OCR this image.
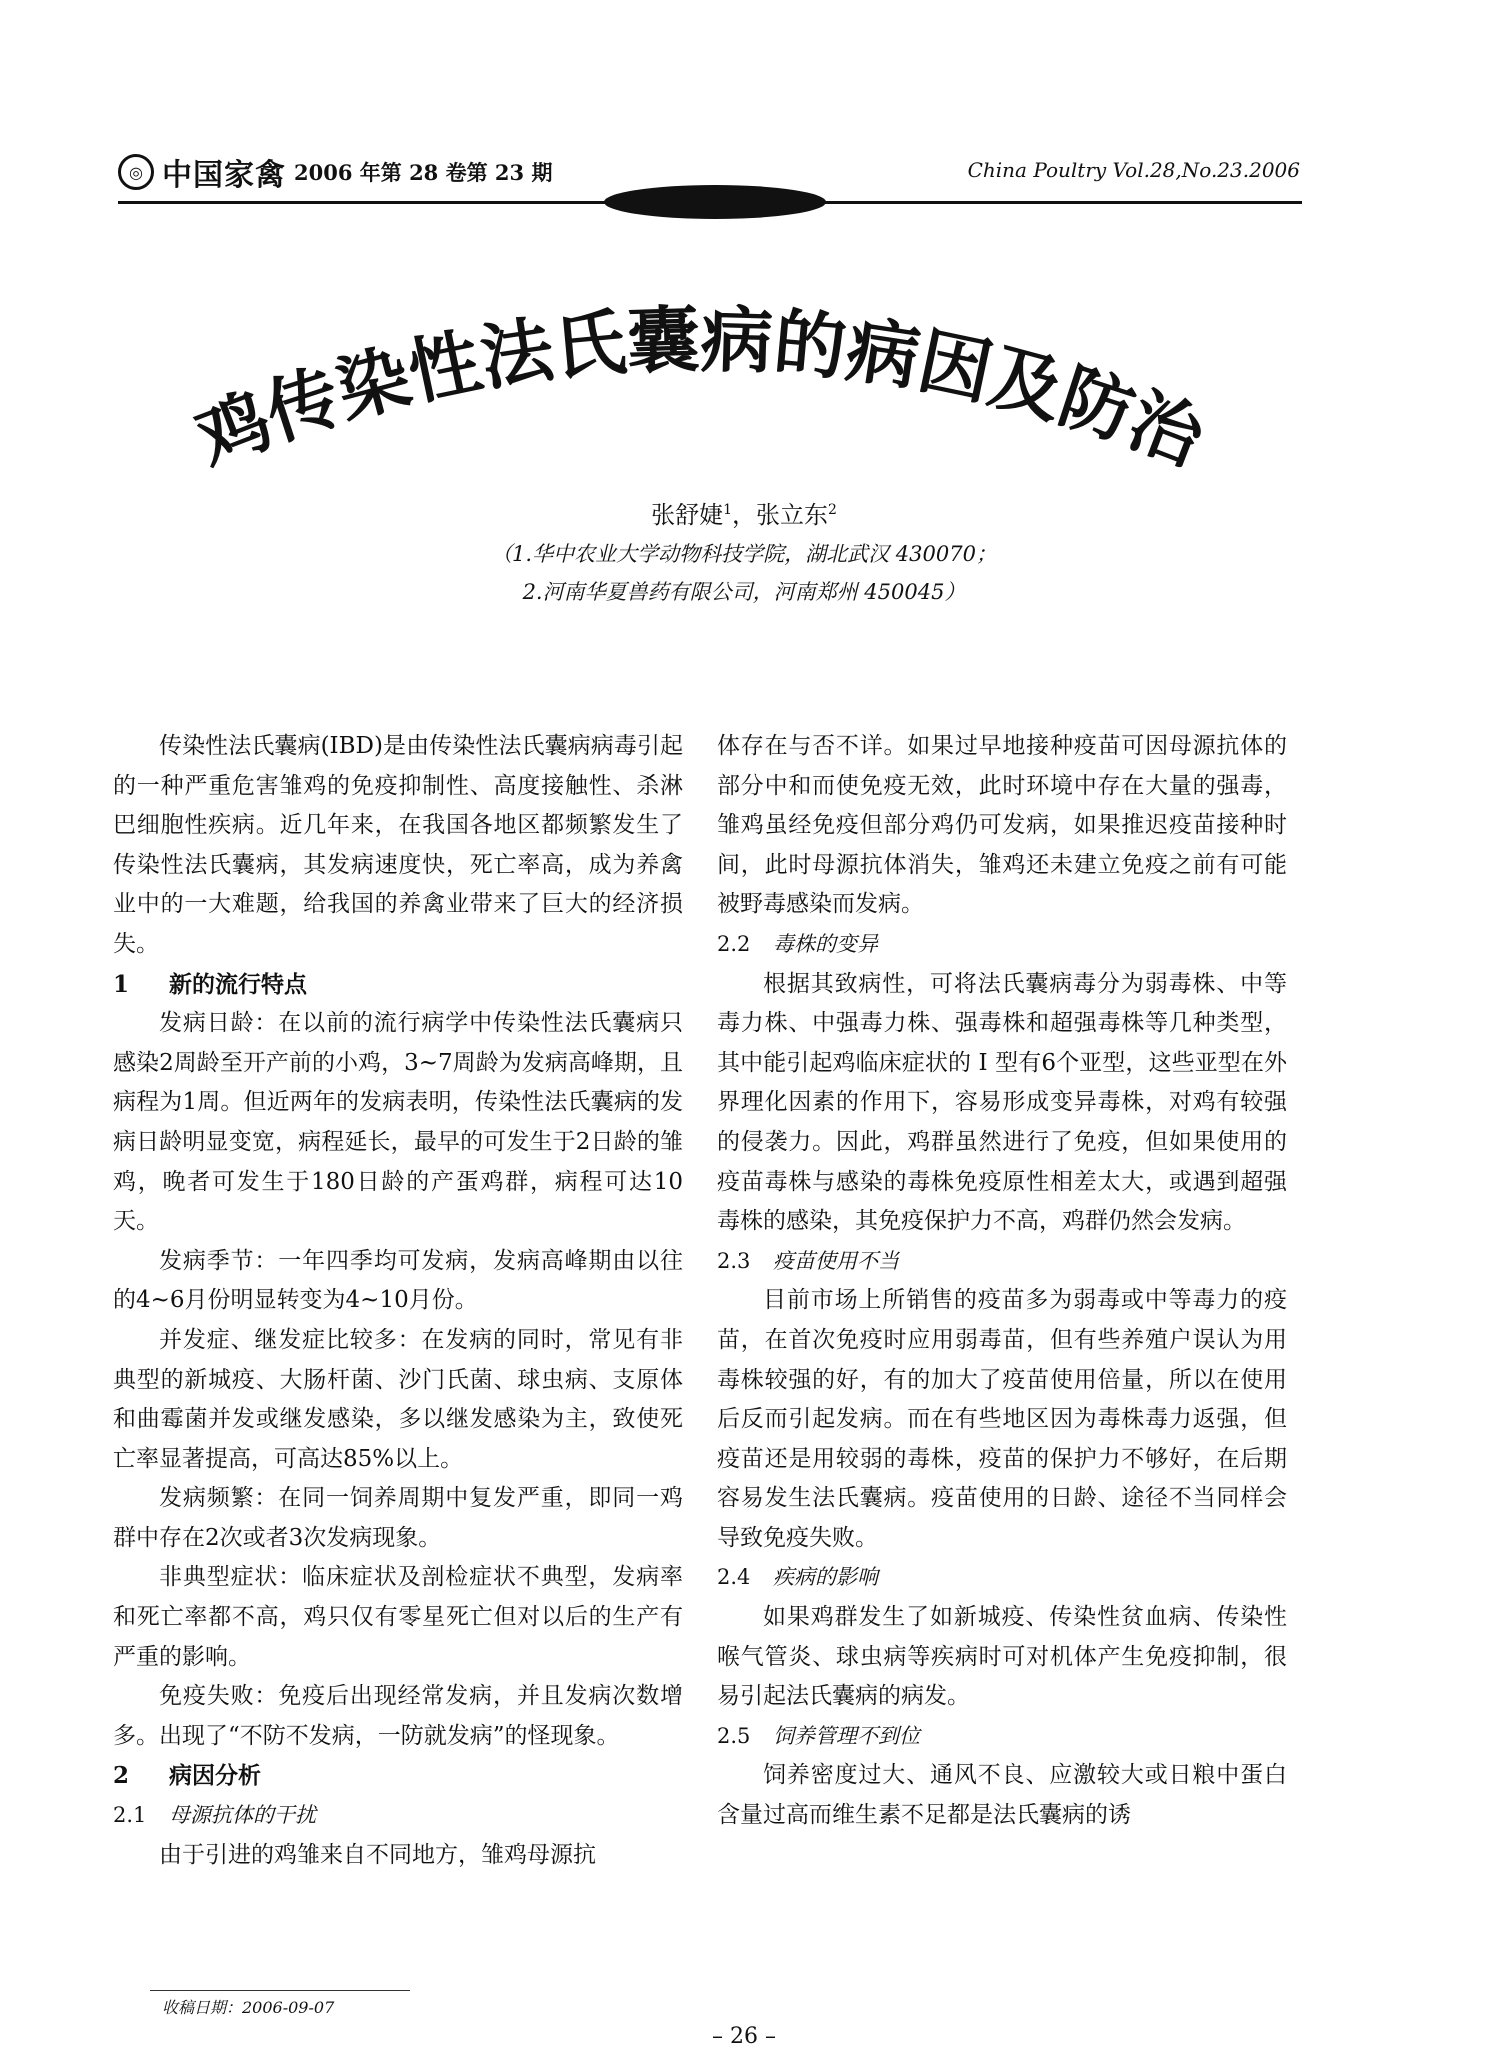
◎ 中国家禽 2006 年第 28 卷第 23 期	China Poultry Vol.28,No.23.2006
鸡传染性法氏囊病的病因及防治
张舒婕$^1$，张立东$^2$
（1.华中农业大学动物科技学院，湖北武汉 430070；
2.河南华夏兽药有限公司，河南郑州 450045）

传染性法氏囊病(IBD)是由传染性法氏囊病病毒引起的一种严重危害雏鸡的免疫抑制性、高度接触性、杀淋巴细胞性疾病。近几年来，在我国各地区都频繁发生了传染性法氏囊病，其发病速度快，死亡率高，成为养禽业中的一大难题，给我国的养禽业带来了巨大的经济损失。

1 新的流行特点

发病日龄：在以前的流行病学中传染性法氏囊病只感染2周龄至开产前的小鸡，3~7周龄为发病高峰期，且病程为1周。但近两年的发病表明，传染性法氏囊病的发病日龄明显变宽，病程延长，最早的可发生于2日龄的雏鸡，晚者可发生于180日龄的产蛋鸡群，病程可达10天。

发病季节：一年四季均可发病，发病高峰期由以往的4~6月份明显转变为4~10月份。

并发症、继发症比较多：在发病的同时，常见有非典型的新城疫、大肠杆菌、沙门氏菌、球虫病、支原体和曲霉菌并发或继发感染，多以继发感染为主，致使死亡率显著提高，可高达85%以上。

发病频繁：在同一饲养周期中复发严重，即同一鸡群中存在2次或者3次发病现象。

非典型症状：临床症状及剖检症状不典型，发病率和死亡率都不高，鸡只仅有零星死亡但对以后的生产有严重的影响。

免疫失败：免疫后出现经常发病，并且发病次数增多。出现了“不防不发病，一防就发病”的怪现象。

2 病因分析

2.1 母源抗体的干扰

由于引进的鸡雏来自不同地方，雏鸡母源抗

体存在与否不详。如果过早地接种疫苗可因母源抗体的部分中和而使免疫无效，此时环境中存在大量的强毒，雏鸡虽经免疫但部分鸡仍可发病，如果推迟疫苗接种时间，此时母源抗体消失，雏鸡还未建立免疫之前有可能被野毒感染而发病。

2.2 毒株的变异

根据其致病性，可将法氏囊病毒分为弱毒株、中等毒力株、中强毒力株、强毒株和超强毒株等几种类型，其中能引起鸡临床症状的 Ⅰ 型有6个亚型，这些亚型在外界理化因素的作用下，容易形成变异毒株，对鸡有较强的侵袭力。因此，鸡群虽然进行了免疫，但如果使用的疫苗毒株与感染的毒株免疫原性相差太大，或遇到超强毒株的感染，其免疫保护力不高，鸡群仍然会发病。

2.3 疫苗使用不当

目前市场上所销售的疫苗多为弱毒或中等毒力的疫苗，在首次免疫时应用弱毒苗，但有些养殖户误认为用毒株较强的好，有的加大了疫苗使用倍量，所以在使用后反而引起发病。而在有些地区因为毒株毒力返强，但疫苗还是用较弱的毒株，疫苗的保护力不够好，在后期容易发生法氏囊病。疫苗使用的日龄、途径不当同样会导致免疫失败。

2.4 疾病的影响

如果鸡群发生了如新城疫、传染性贫血病、传染性喉气管炎、球虫病等疾病时可对机体产生免疫抑制，很易引起法氏囊病的病发。

2.5 饲养管理不到位

饲养密度过大、通风不良、应激较大或日粮中蛋白含量过高而维生素不足都是法氏囊病的诱

收稿日期：2006-09-07
– 26 –
